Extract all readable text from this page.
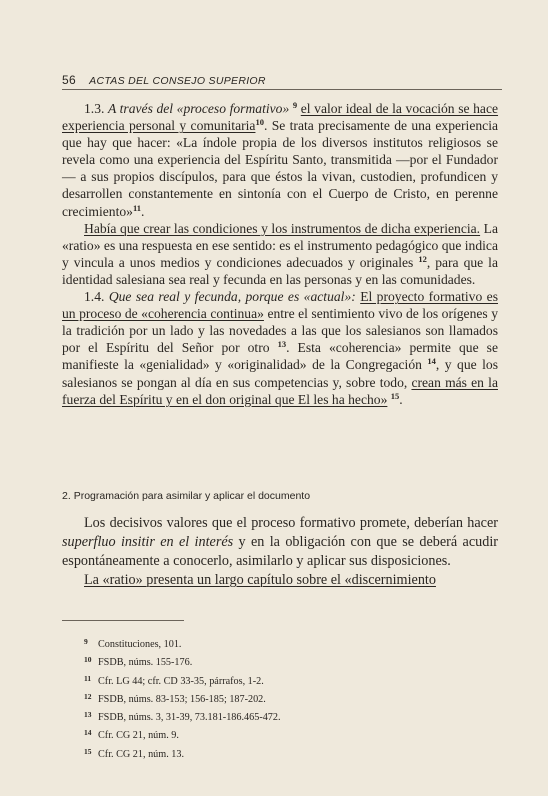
56 ACTAS DEL CONSEJO SUPERIOR

1.3. A través del «proceso formativo» $^9$ el valor ideal de la vocación se hace experiencia personal y comunitaria$^{10}$. Se trata precisamente de una experiencia que hay que hacer: «La índole propia de los diversos institutos religiosos se revela como una experiencia del Espíritu Santo, transmitida —por el Fundador— a sus propios discípulos, para que éstos la vivan, custodien, profundicen y desarrollen constantemente en sintonía con el Cuerpo de Cristo, en perenne crecimiento»$^{11}$.

Había que crear las condiciones y los instrumentos de dicha experiencia. La «ratio» es una respuesta en ese sentido: es el instrumento pedagógico que indica y vincula a unos medios y condiciones adecuados y originales $^{12}$, para que la identidad salesiana sea real y fecunda en las personas y en las comunidades.

1.4. Que sea real y fecunda, porque es «actual»: El proyecto formativo es un proceso de «coherencia continua» entre el sentimiento vivo de los orígenes y la tradición por un lado y las novedades a las que los salesianos son llamados por el Espíritu del Señor por otro $^{13}$. Esta «coherencia» permite que se manifieste la «genialidad» y «originalidad» de la Congregación $^{14}$, y que los salesianos se pongan al día en sus competencias y, sobre todo, crean más en la fuerza del Espíritu y en el don original que El les ha hecho» $^{15}$.

2. Programación para asimilar y aplicar el documento

Los decisivos valores que el proceso formativo promete, deberían hacer superfluo insitir en el interés y en la obligación con que se deberá acudir espontáneamente a conocerlo, asimilarlo y aplicar sus disposiciones.

La «ratio» presenta un largo capítulo sobre el «discernimiento

9 Constituciones, 101.
10 FSDB, núms. 155-176.
11 Cfr. LG 44; cfr. CD 33-35, párrafos, 1-2.
12 FSDB, núms. 83-153; 156-185; 187-202.
13 FSDB, núms. 3, 31-39, 73.181-186.465-472.
14 Cfr. CG 21, núm. 9.
15 Cfr. CG 21, núm. 13.
